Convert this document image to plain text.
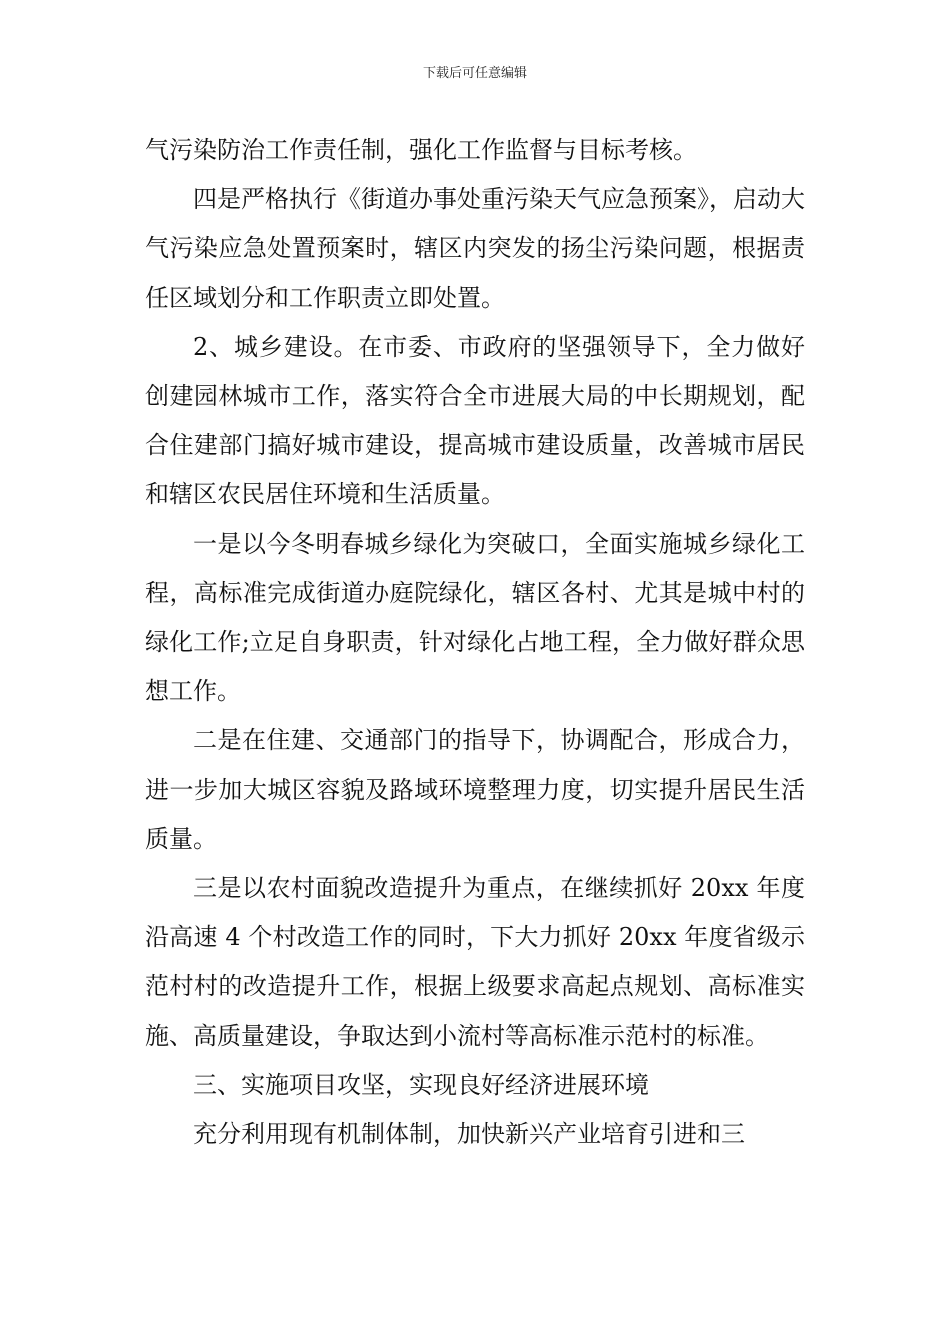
下载后可任意编辑

气污染防治工作责任制，强化工作监督与目标考核。

四是严格执行《街道办事处重污染天气应急预案》，启动大气污染应急处置预案时，辖区内突发的扬尘污染问题，根据责任区域划分和工作职责立即处置。

2、城乡建设。在市委、市政府的坚强领导下，全力做好创建园林城市工作，落实符合全市进展大局的中长期规划，配合住建部门搞好城市建设，提高城市建设质量，改善城市居民和辖区农民居住环境和生活质量。

一是以今冬明春城乡绿化为突破口，全面实施城乡绿化工程，高标准完成街道办庭院绿化，辖区各村、尤其是城中村的绿化工作;立足自身职责，针对绿化占地工程，全力做好群众思想工作。

二是在住建、交通部门的指导下，协调配合，形成合力，进一步加大城区容貌及路域环境整理力度，切实提升居民生活质量。

三是以农村面貌改造提升为重点，在继续抓好 20xx 年度沿高速 4 个村改造工作的同时，下大力抓好 20xx 年度省级示范村村的改造提升工作，根据上级要求高起点规划、高标准实施、高质量建设，争取达到小流村等高标准示范村的标准。

三、实施项目攻坚，实现良好经济进展环境

充分利用现有机制体制，加快新兴产业培育引进和三
